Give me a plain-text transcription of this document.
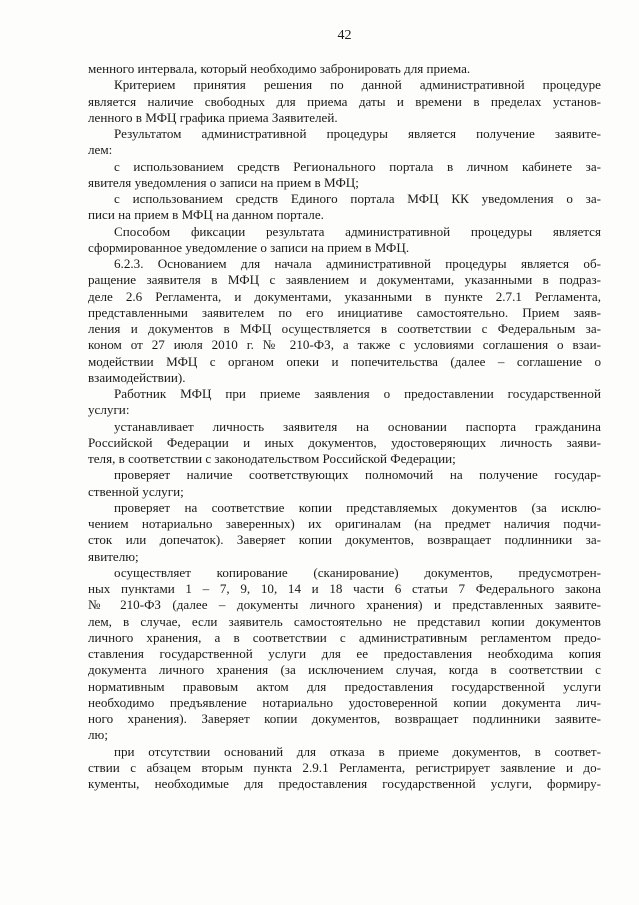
42
менного интервала, который необходимо забронировать для приема.
Критерием принятия решения по данной административной процедуре
является наличие свободных для приема даты и времени в пределах установ-
ленного в МФЦ графика приема Заявителей.
Результатом административной процедуры является получение заявите-
лем:
с использованием средств Регионального портала в личном кабинете за-
явителя уведомления о записи на прием в МФЦ;
с использованием средств Единого портала МФЦ КК уведомления о за-
писи на прием в МФЦ на данном портале.
Способом фиксации результата административной процедуры является
сформированное уведомление о записи на прием в МФЦ.
6.2.3. Основанием для начала административной процедуры является об-
ращение заявителя в МФЦ с заявлением и документами, указанными в подраз-
деле 2.6 Регламента, и документами, указанными в пункте 2.7.1 Регламента,
представленными заявителем по его инициативе самостоятельно. Прием заяв-
ления и документов в МФЦ осуществляется в соответствии с Федеральным за-
коном от 27 июля 2010 г. № 210-ФЗ, а также с условиями соглашения о взаи-
модействии МФЦ с органом опеки и попечительства (далее – соглашение о
взаимодействии).
Работник МФЦ при приеме заявления о предоставлении государственной
услуги:
устанавливает личность заявителя на основании паспорта гражданина
Российской Федерации и иных документов, удостоверяющих личность заяви-
теля, в соответствии с законодательством Российской Федерации;
проверяет наличие соответствующих полномочий на получение государ-
ственной услуги;
проверяет на соответствие копии представляемых документов (за исклю-
чением нотариально заверенных) их оригиналам (на предмет наличия подчи-
сток или допечаток). Заверяет копии документов, возвращает подлинники за-
явителю;
осуществляет копирование (сканирование) документов, предусмотрен-
ных пунктами 1 – 7, 9, 10, 14 и 18 части 6 статьи 7 Федерального закона
№ 210-ФЗ (далее – документы личного хранения) и представленных заявите-
лем, в случае, если заявитель самостоятельно не представил копии документов
личного хранения, а в соответствии с административным регламентом предо-
ставления государственной услуги для ее предоставления необходима копия
документа личного хранения (за исключением случая, когда в соответствии с
нормативным правовым актом для предоставления государственной услуги
необходимо предъявление нотариально удостоверенной копии документа лич-
ного хранения). Заверяет копии документов, возвращает подлинники заявите-
лю;
при отсутствии оснований для отказа в приеме документов, в соответ-
ствии с абзацем вторым пункта 2.9.1 Регламента, регистрирует заявление и до-
кументы, необходимые для предоставления государственной услуги, формиру-
